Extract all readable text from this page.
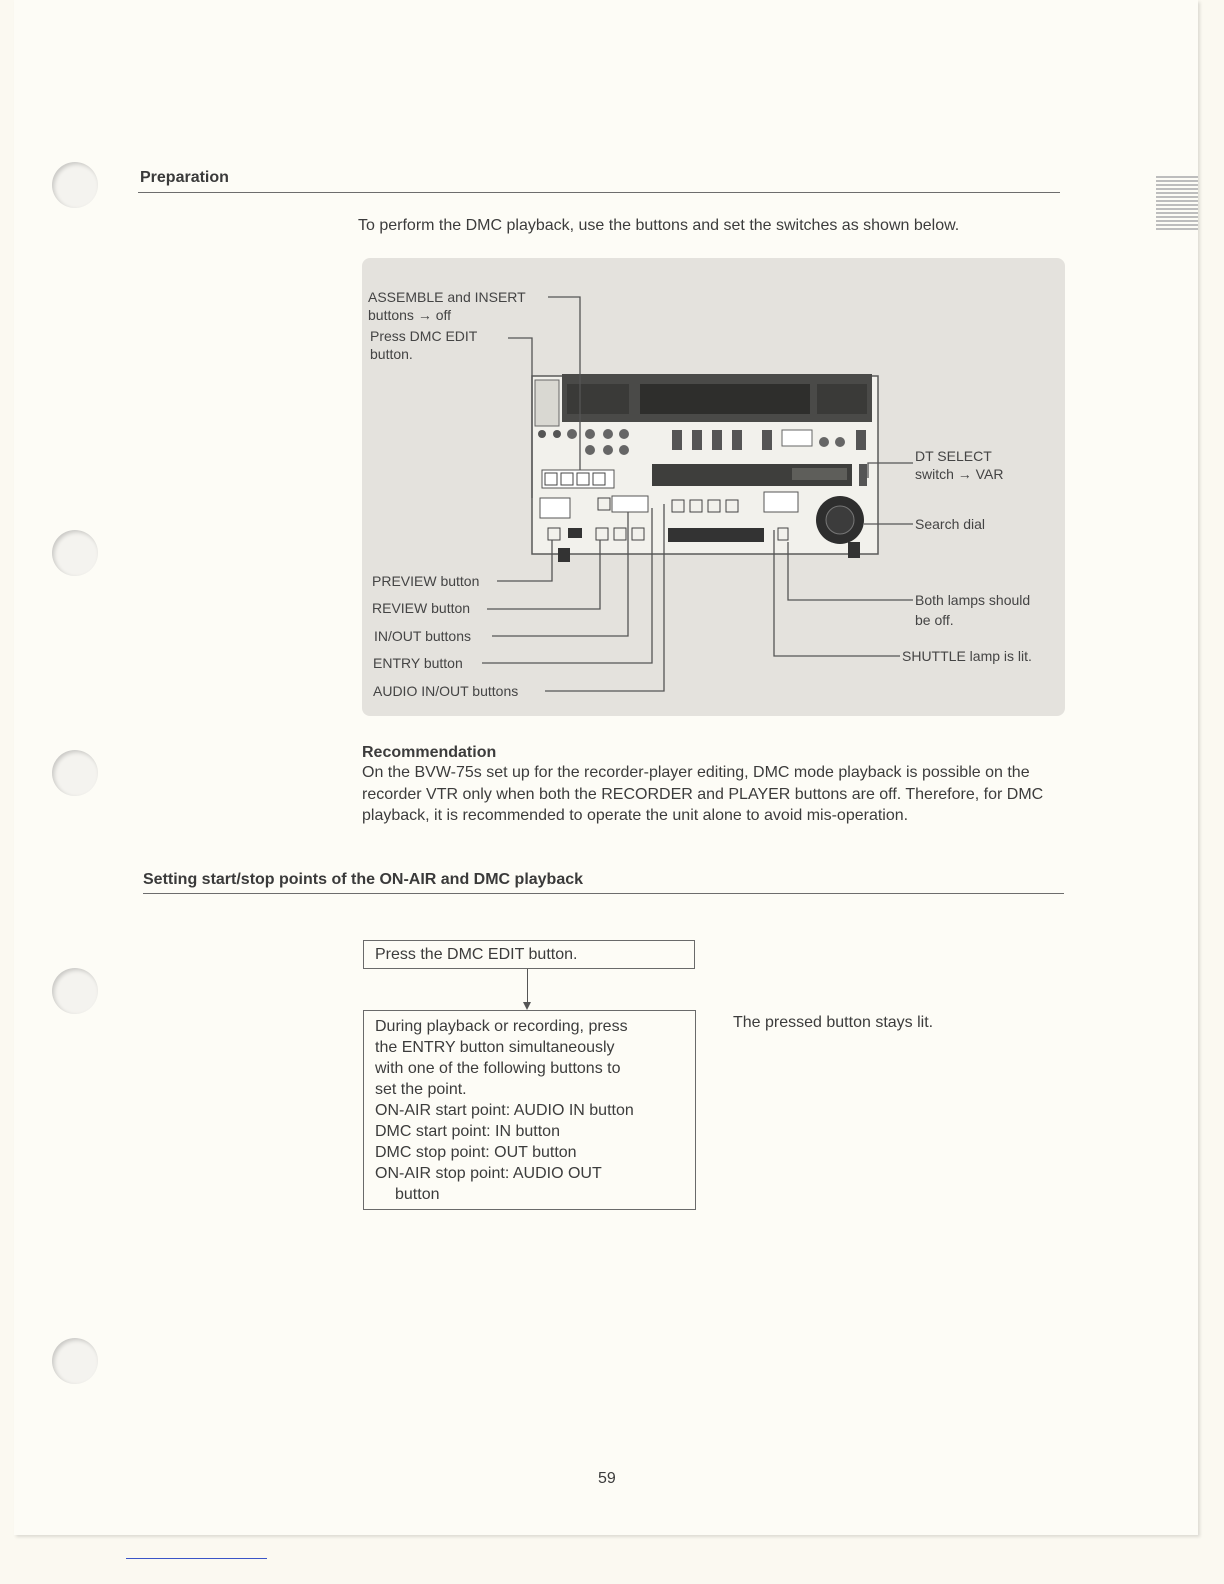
Preparation
To perform the DMC playback, use the buttons and set the switches as shown below.
ASSEMBLE and INSERT
buttons → off
Press DMC EDIT
button.
PREVIEW button
REVIEW button
IN/OUT buttons
ENTRY button
AUDIO IN/OUT buttons
DT SELECT
switch → VAR
Search dial
Both lamps should
be off.
SHUTTLE lamp is lit.
Recommendation
On the BVW-75s set up for the recorder-player editing, DMC mode playback is possible on the recorder VTR only when both the RECORDER and PLAYER buttons are off. Therefore, for DMC playback, it is recommended to operate the unit alone to avoid mis-operation.
Setting start/stop points of the ON-AIR and DMC playback
Press the DMC EDIT button.
During playback or recording, press
the ENTRY button simultaneously
with one of the following buttons to
set the point.
ON-AIR start point: AUDIO IN button
DMC start point: IN button
DMC stop point: OUT button
ON-AIR stop point: AUDIO OUT
button
The pressed button stays lit.
59
